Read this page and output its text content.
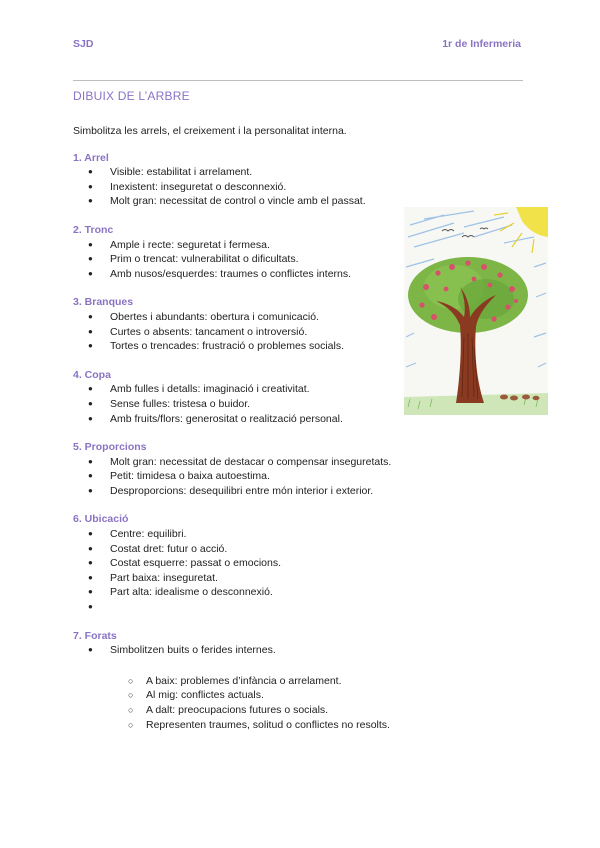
SJD	1r de Infermeria
DIBUIX DE L’ARBRE

Simbolitza les arrels, el creixement i la personalitat interna.

1. Arrel

● Visible: estabilitat i arrelament.
● Inexistent: inseguretat o desconnexió.
● Molt gran: necessitat de control o vincle amb el passat.

2. Tronc

● Ample i recte: seguretat i fermesa.
● Prim o trencat: vulnerabilitat o dificultats.
● Amb nusos/esquerdes: traumes o conflictes interns.

3. Branques

● Obertes i abundants: obertura i comunicació.
● Curtes o absents: tancament o introversió.
● Tortes o trencades: frustració o problemes socials.

4. Copa

● Amb fulles i detalls: imaginació i creativitat.
● Sense fulles: tristesa o buidor.
● Amb fruits/flors: generositat o realització personal.

5. Proporcions

● Molt gran: necessitat de destacar o compensar inseguretats.
● Petit: timidesa o baixa autoestima.
● Desproporcions: desequilibri entre món interior i exterior.

6. Ubicació

● Centre: equilibri.
● Costat dret: futur o acció.
● Costat esquerre: passat o emocions.
● Part baixa: inseguretat.
● Part alta: idealisme o desconnexió.
●

7. Forats

● Simbolitzen buits o ferides internes.
○ A baix: problemes d’infància o arrelament.
○ Al mig: conflictes actuals.
○ A dalt: preocupacions futures o socials.
○ Representen traumes, solitud o conflictes no resolts.
